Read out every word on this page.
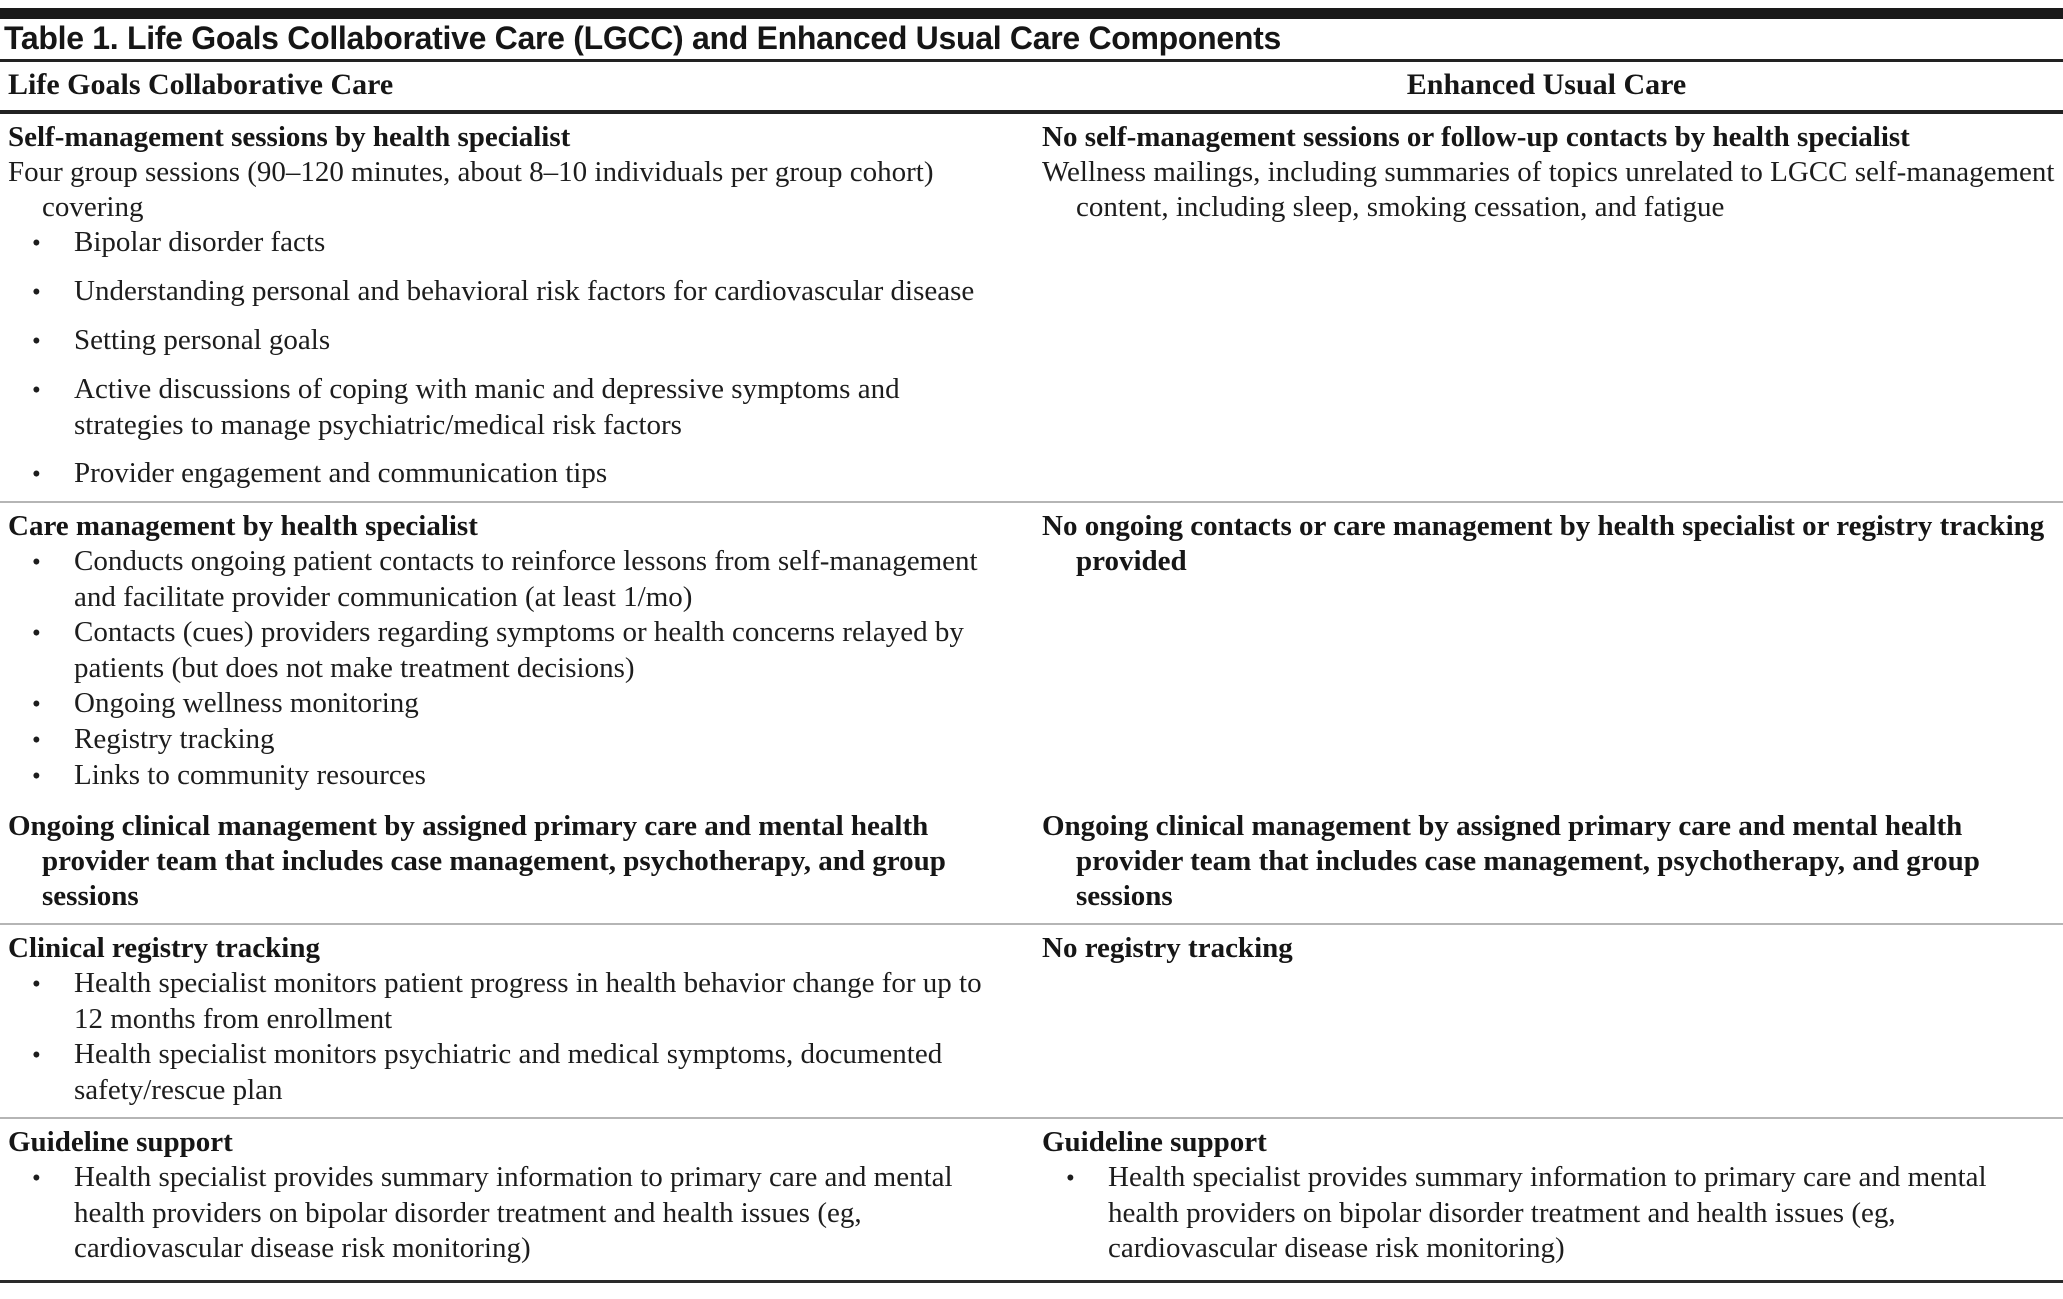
Table 1. Life Goals Collaborative Care (LGCC) and Enhanced Usual Care Components
Life Goals Collaborative Care	Enhanced Usual Care
Self-management sessions by health specialist

Four group sessions (90–120 minutes, about 8–10 individuals per group cohort) covering

• Bipolar disorder facts
• Understanding personal and behavioral risk factors for cardiovascular disease
• Setting personal goals
• Active discussions of coping with manic and depressive symptoms and strategies to manage psychiatric/medical risk factors
• Provider engagement and communication tips
No self-management sessions or follow-up contacts by health specialist

Wellness mailings, including summaries of topics unrelated to LGCC self-management content, including sleep, smoking cessation, and fatigue

Care management by health specialist
• Conducts ongoing patient contacts to reinforce lessons from self-management and facilitate provider communication (at least 1/mo)
• Contacts (cues) providers regarding symptoms or health concerns relayed by patients (but does not make treatment decisions)
• Ongoing wellness monitoring
• Registry tracking
• Links to community resources
No ongoing contacts or care management by health specialist or registry tracking provided
Ongoing clinical management by assigned primary care and mental health provider team that includes case management, psychotherapy, and group sessions
Ongoing clinical management by assigned primary care and mental health provider team that includes case management, psychotherapy, and group sessions
Clinical registry tracking
• Health specialist monitors patient progress in health behavior change for up to 12 months from enrollment
• Health specialist monitors psychiatric and medical symptoms, documented safety/rescue plan
No registry tracking
Guideline support
• Health specialist provides summary information to primary care and mental health providers on bipolar disorder treatment and health issues (eg, cardiovascular disease risk monitoring)
Guideline support
• Health specialist provides summary information to primary care and mental health providers on bipolar disorder treatment and health issues (eg, cardiovascular disease risk monitoring)
